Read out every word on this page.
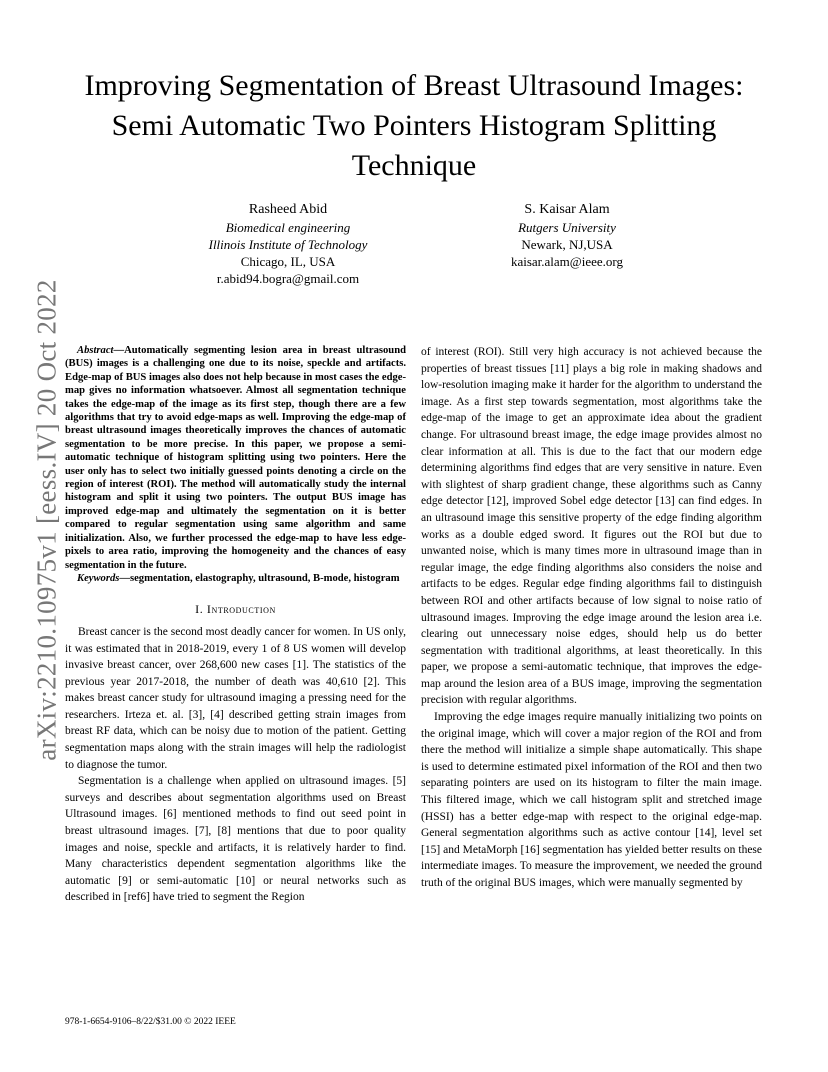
Improving Segmentation of Breast Ultrasound Images: Semi Automatic Two Pointers Histogram Splitting Technique
Rasheed Abid
Biomedical engineering
Illinois Institute of Technology
Chicago, IL, USA
r.abid94.bogra@gmail.com
S. Kaisar Alam
Rutgers University
Newark, NJ,USA
kaisar.alam@ieee.org
arXiv:2210.10975v1 [eess.IV] 20 Oct 2022	Abstract—Automatically segmenting lesion area in breast ultrasound (BUS) images is a challenging one due to its noise, speckle and artifacts. Edge-map of BUS images also does not help because in most cases the edge-map gives no information whatsoever. Almost all segmentation technique takes the edge-map of the image as its first step, though there are a few algorithms that try to avoid edge-maps as well. Improving the edge-map of breast ultrasound images theoretically improves the chances of automatic segmentation to be more precise. In this paper, we propose a semi-automatic technique of histogram splitting using two pointers. Here the user only has to select two initially guessed points denoting a circle on the region of interest (ROI). The method will automatically study the internal histogram and split it using two pointers. The output BUS image has improved edge-map and ultimately the segmentation on it is better compared to regular segmentation using same algorithm and same initialization. Also, we further processed the edge-map to have less edge-pixels to area ratio, improving the homogeneity and the chances of easy segmentation in the future.

Keywords—segmentation, elastography, ultrasound, B-mode, histogram

I. Introduction

Breast cancer is the second most deadly cancer for women. In US only, it was estimated that in 2018-2019, every 1 of 8 US women will develop invasive breast cancer, over 268,600 new cases [1]. The statistics of the previous year 2017-2018, the number of death was 40,610 [2]. This makes breast cancer study for ultrasound imaging a pressing need for the researchers. Irteza et. al. [3], [4] described getting strain images from breast RF data, which can be noisy due to motion of the patient. Getting segmentation maps along with the strain images will help the radiologist to diagnose the tumor.

Segmentation is a challenge when applied on ultrasound images. [5] surveys and describes about segmentation algorithms used on Breast Ultrasound images. [6] mentioned methods to find out seed point in breast ultrasound images. [7], [8] mentions that due to poor quality images and noise, speckle and artifacts, it is relatively harder to find. Many characteristics dependent segmentation algorithms like the automatic [9] or semi-automatic [10] or neural networks such as described in [ref6] have tried to segment the Region

of interest (ROI). Still very high accuracy is not achieved because the properties of breast tissues [11] plays a big role in making shadows and low-resolution imaging make it harder for the algorithm to understand the image. As a first step towards segmentation, most algorithms take the edge-map of the image to get an approximate idea about the gradient change. For ultrasound breast image, the edge image provides almost no clear information at all. This is due to the fact that our modern edge determining algorithms find edges that are very sensitive in nature. Even with slightest of sharp gradient change, these algorithms such as Canny edge detector [12], improved Sobel edge detector [13] can find edges. In an ultrasound image this sensitive property of the edge finding algorithm works as a double edged sword. It figures out the ROI but due to unwanted noise, which is many times more in ultrasound image than in regular image, the edge finding algorithms also considers the noise and artifacts to be edges. Regular edge finding algorithms fail to distinguish between ROI and other artifacts because of low signal to noise ratio of ultrasound images. Improving the edge image around the lesion area i.e. clearing out unnecessary noise edges, should help us do better segmentation with traditional algorithms, at least theoretically. In this paper, we propose a semi-automatic technique, that improves the edge-map around the lesion area of a BUS image, improving the segmentation precision with regular algorithms.

Improving the edge images require manually initializing two points on the original image, which will cover a major region of the ROI and from there the method will initialize a simple shape automatically. This shape is used to determine estimated pixel information of the ROI and then two separating pointers are used on its histogram to filter the main image. This filtered image, which we call histogram split and stretched image (HSSI) has a better edge-map with respect to the original edge-map. General segmentation algorithms such as active contour [14], level set [15] and MetaMorph [16] segmentation has yielded better results on these intermediate images. To measure the improvement, we needed the ground truth of the original BUS images, which were manually segmented by

978-1-6654-9106–8/22/$31.00 © 2022 IEEE
